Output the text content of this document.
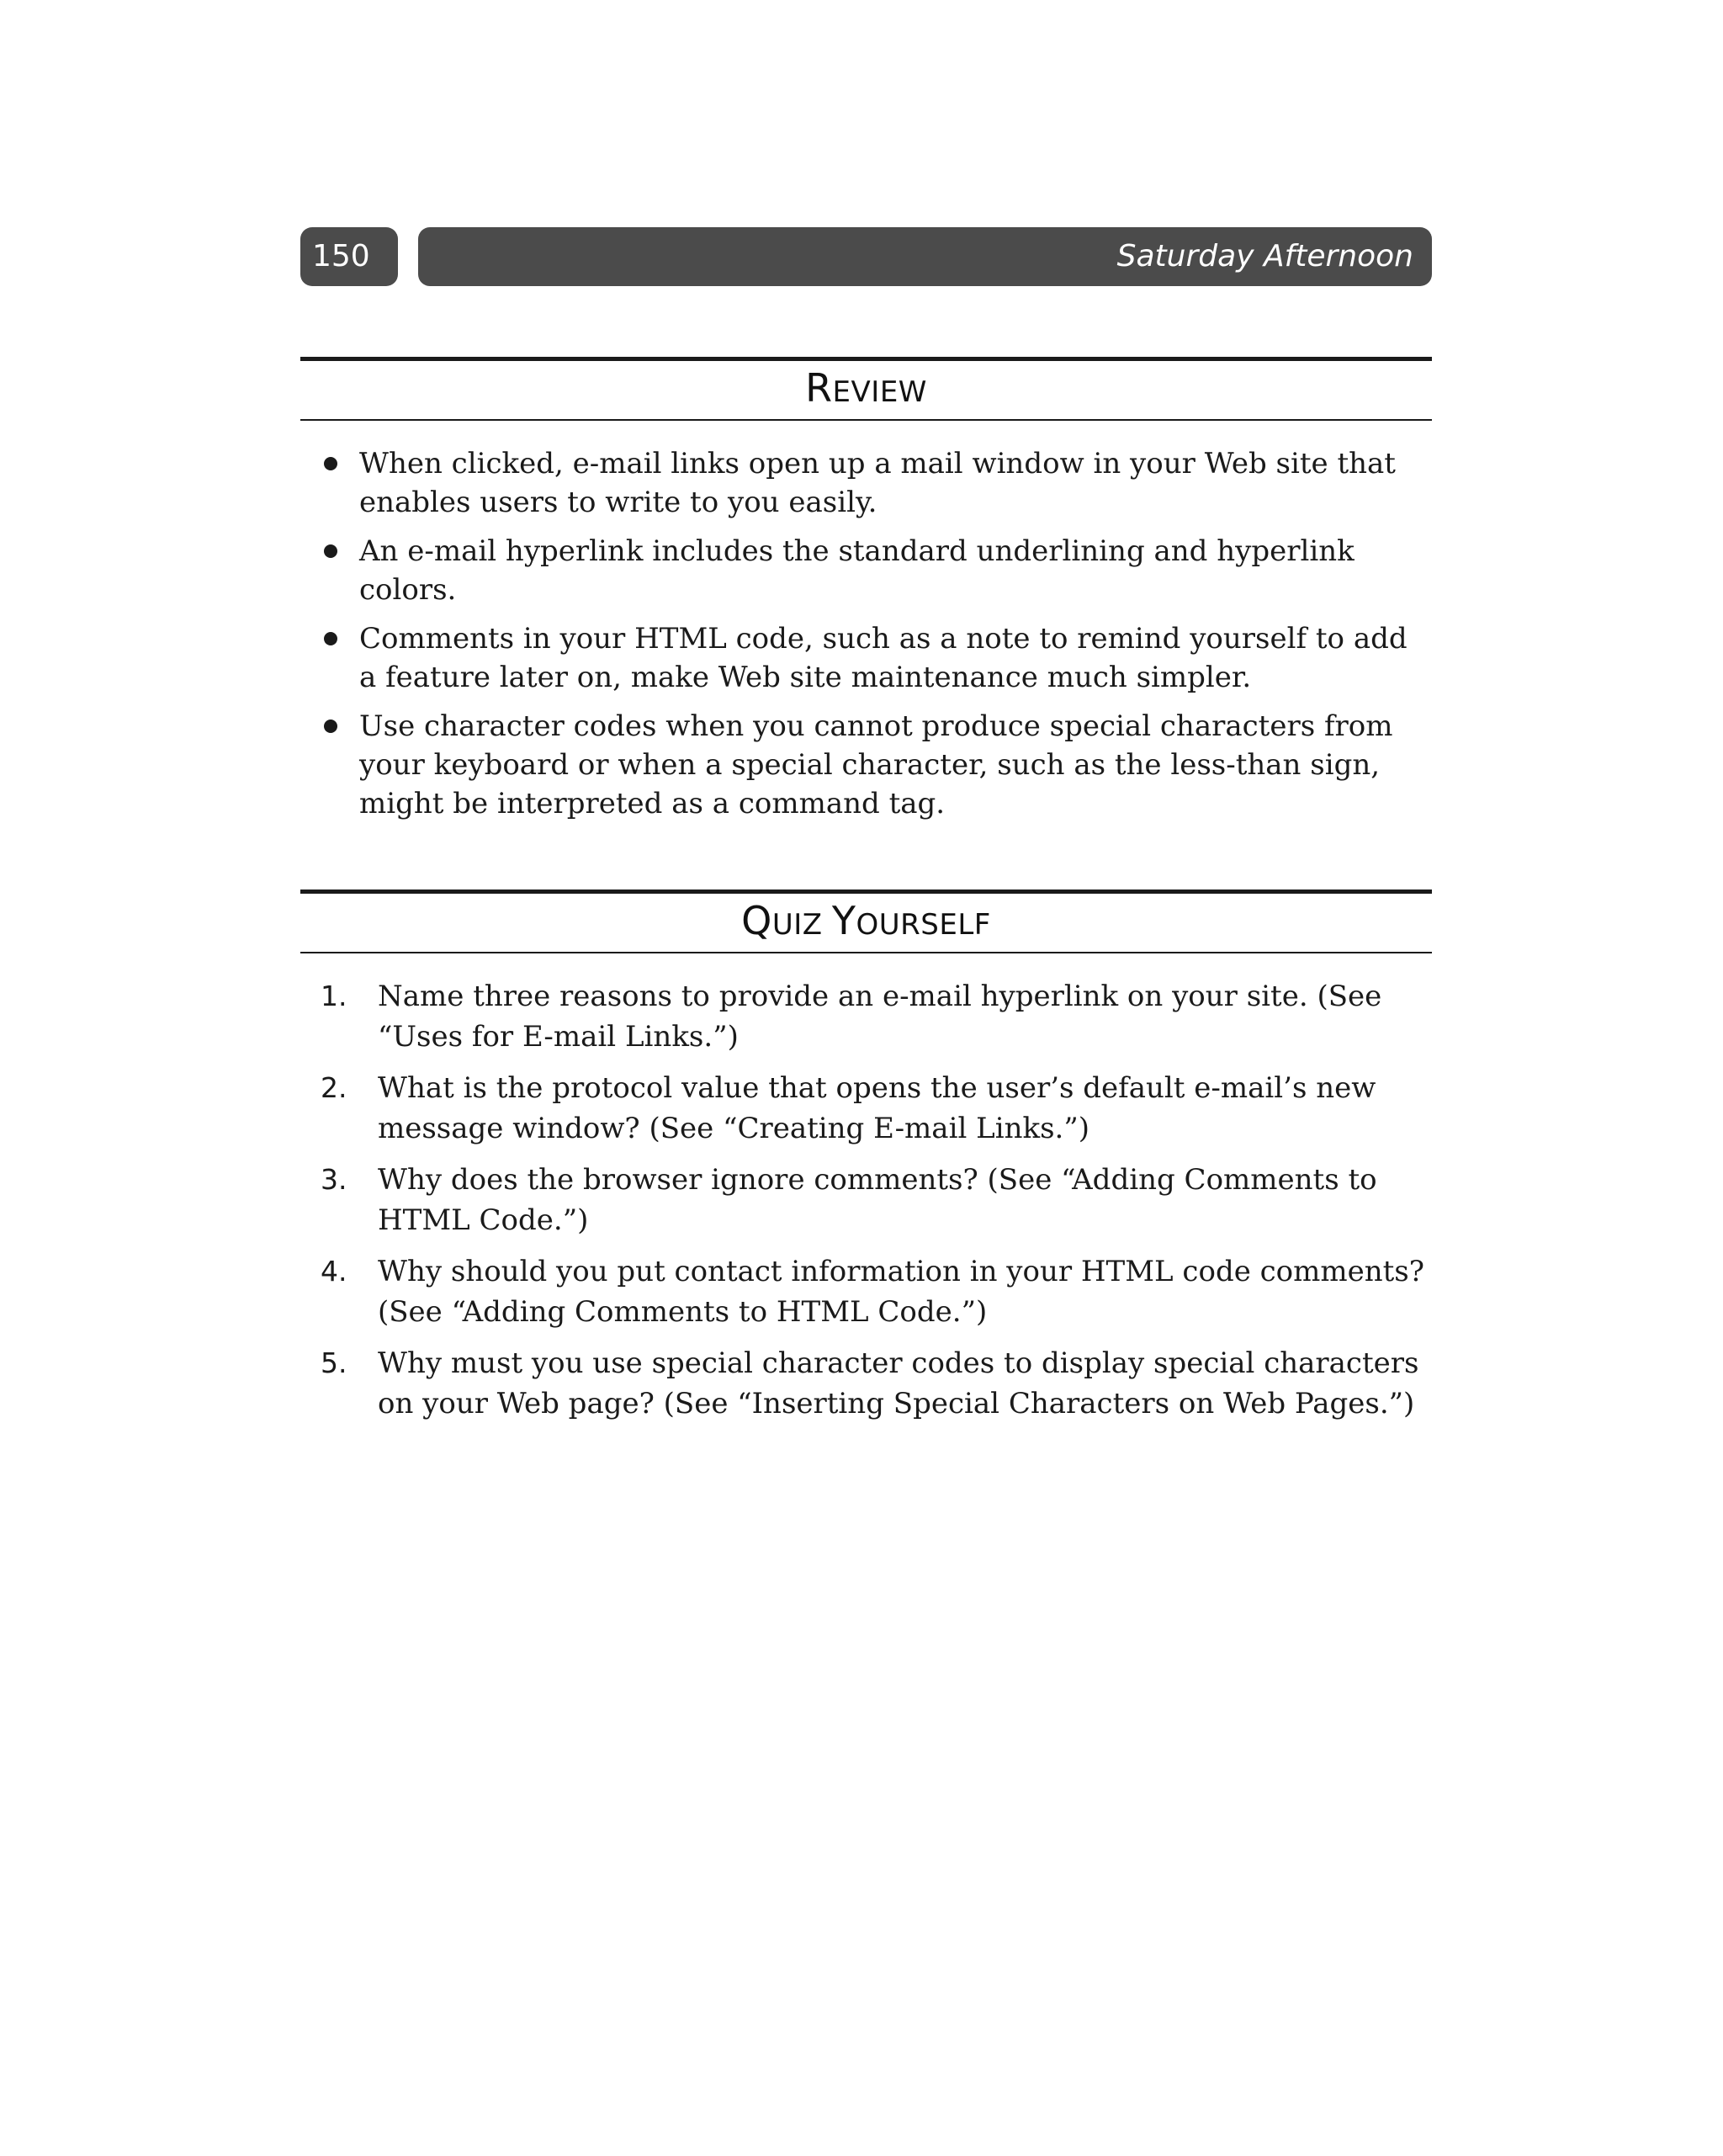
150	Saturday Afternoon
REVIEW
When clicked, e-mail links open up a mail window in your Web site that enables users to write to you easily.
An e-mail hyperlink includes the standard underlining and hyperlink colors.
Comments in your HTML code, such as a note to remind yourself to add a feature later on, make Web site maintenance much simpler.
Use character codes when you cannot produce special characters from your keyboard or when a special character, such as the less-than sign, might be interpreted as a command tag.
QUIZ YOURSELF
1. Name three reasons to provide an e-mail hyperlink on your site. (See “Uses for E-mail Links.”)
2. What is the protocol value that opens the user’s default e-mail’s new message window? (See “Creating E-mail Links.”)
3. Why does the browser ignore comments? (See “Adding Comments to HTML Code.”)
4. Why should you put contact information in your HTML code comments? (See “Adding Comments to HTML Code.”)
5. Why must you use special character codes to display special characters on your Web page? (See “Inserting Special Characters on Web Pages.”)
